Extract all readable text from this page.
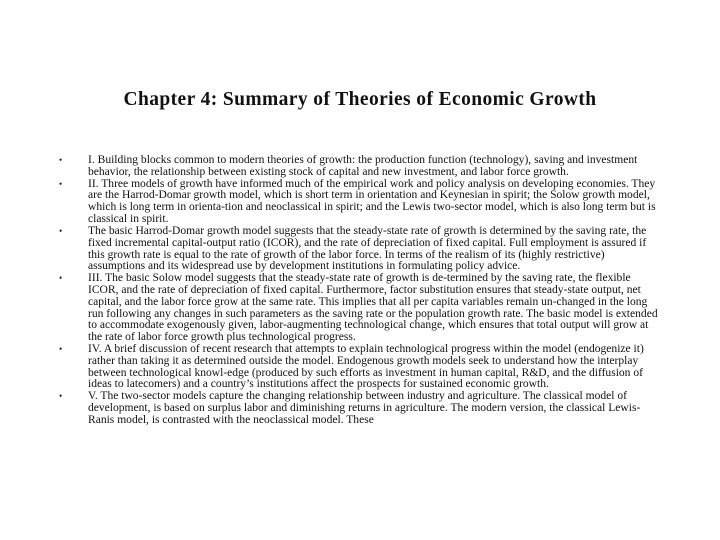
Chapter 4: Summary of Theories of Economic Growth
• I. Building blocks common to modern theories of growth: the production function (technology), saving and investment behavior, the relationship between existing stock of capital and new investment, and labor force growth.
• II. Three models of growth have informed much of the empirical work and policy analysis on developing economies. They are the Harrod-Domar growth model, which is short term in orientation and Keynesian in spirit; the Solow growth model, which is long term in orienta-tion and neoclassical in spirit; and the Lewis two-sector model, which is also long term but is classical in spirit.
• The basic Harrod-Domar growth model suggests that the steady-state rate of growth is determined by the saving rate, the fixed incremental capital-output ratio (ICOR), and the rate of depreciation of fixed capital. Full employment is assured if this growth rate is equal to the rate of growth of the labor force. In terms of the realism of its (highly restrictive) assumptions and its widespread use by development institutions in formulating policy advice.
• III. The basic Solow model suggests that the steady-state rate of growth is de-termined by the saving rate, the flexible ICOR, and the rate of depreciation of fixed capital. Furthermore, factor substitution ensures that steady-state output, net capital, and the labor force grow at the same rate. This implies that all per capita variables remain un-changed in the long run following any changes in such parameters as the saving rate or the population growth rate. The basic model is extended to accommodate exogenously given, labor-augmenting technological change, which ensures that total output will grow at the rate of labor force growth plus technological progress.
• IV. A brief discussion of recent research that attempts to explain technological progress within the model (endogenize it) rather than taking it as determined outside the model. Endogenous growth models seek to understand how the interplay between technological knowl-edge (produced by such efforts as investment in human capital, R&D, and the diffusion of ideas to latecomers) and a country’s institutions affect the prospects for sustained economic growth.
• V. The two-sector models capture the changing relationship between industry and agriculture. The classical model of development, is based on surplus labor and diminishing returns in agriculture. The modern version, the classical Lewis-Ranis model, is contrasted with the neoclassical model. These
